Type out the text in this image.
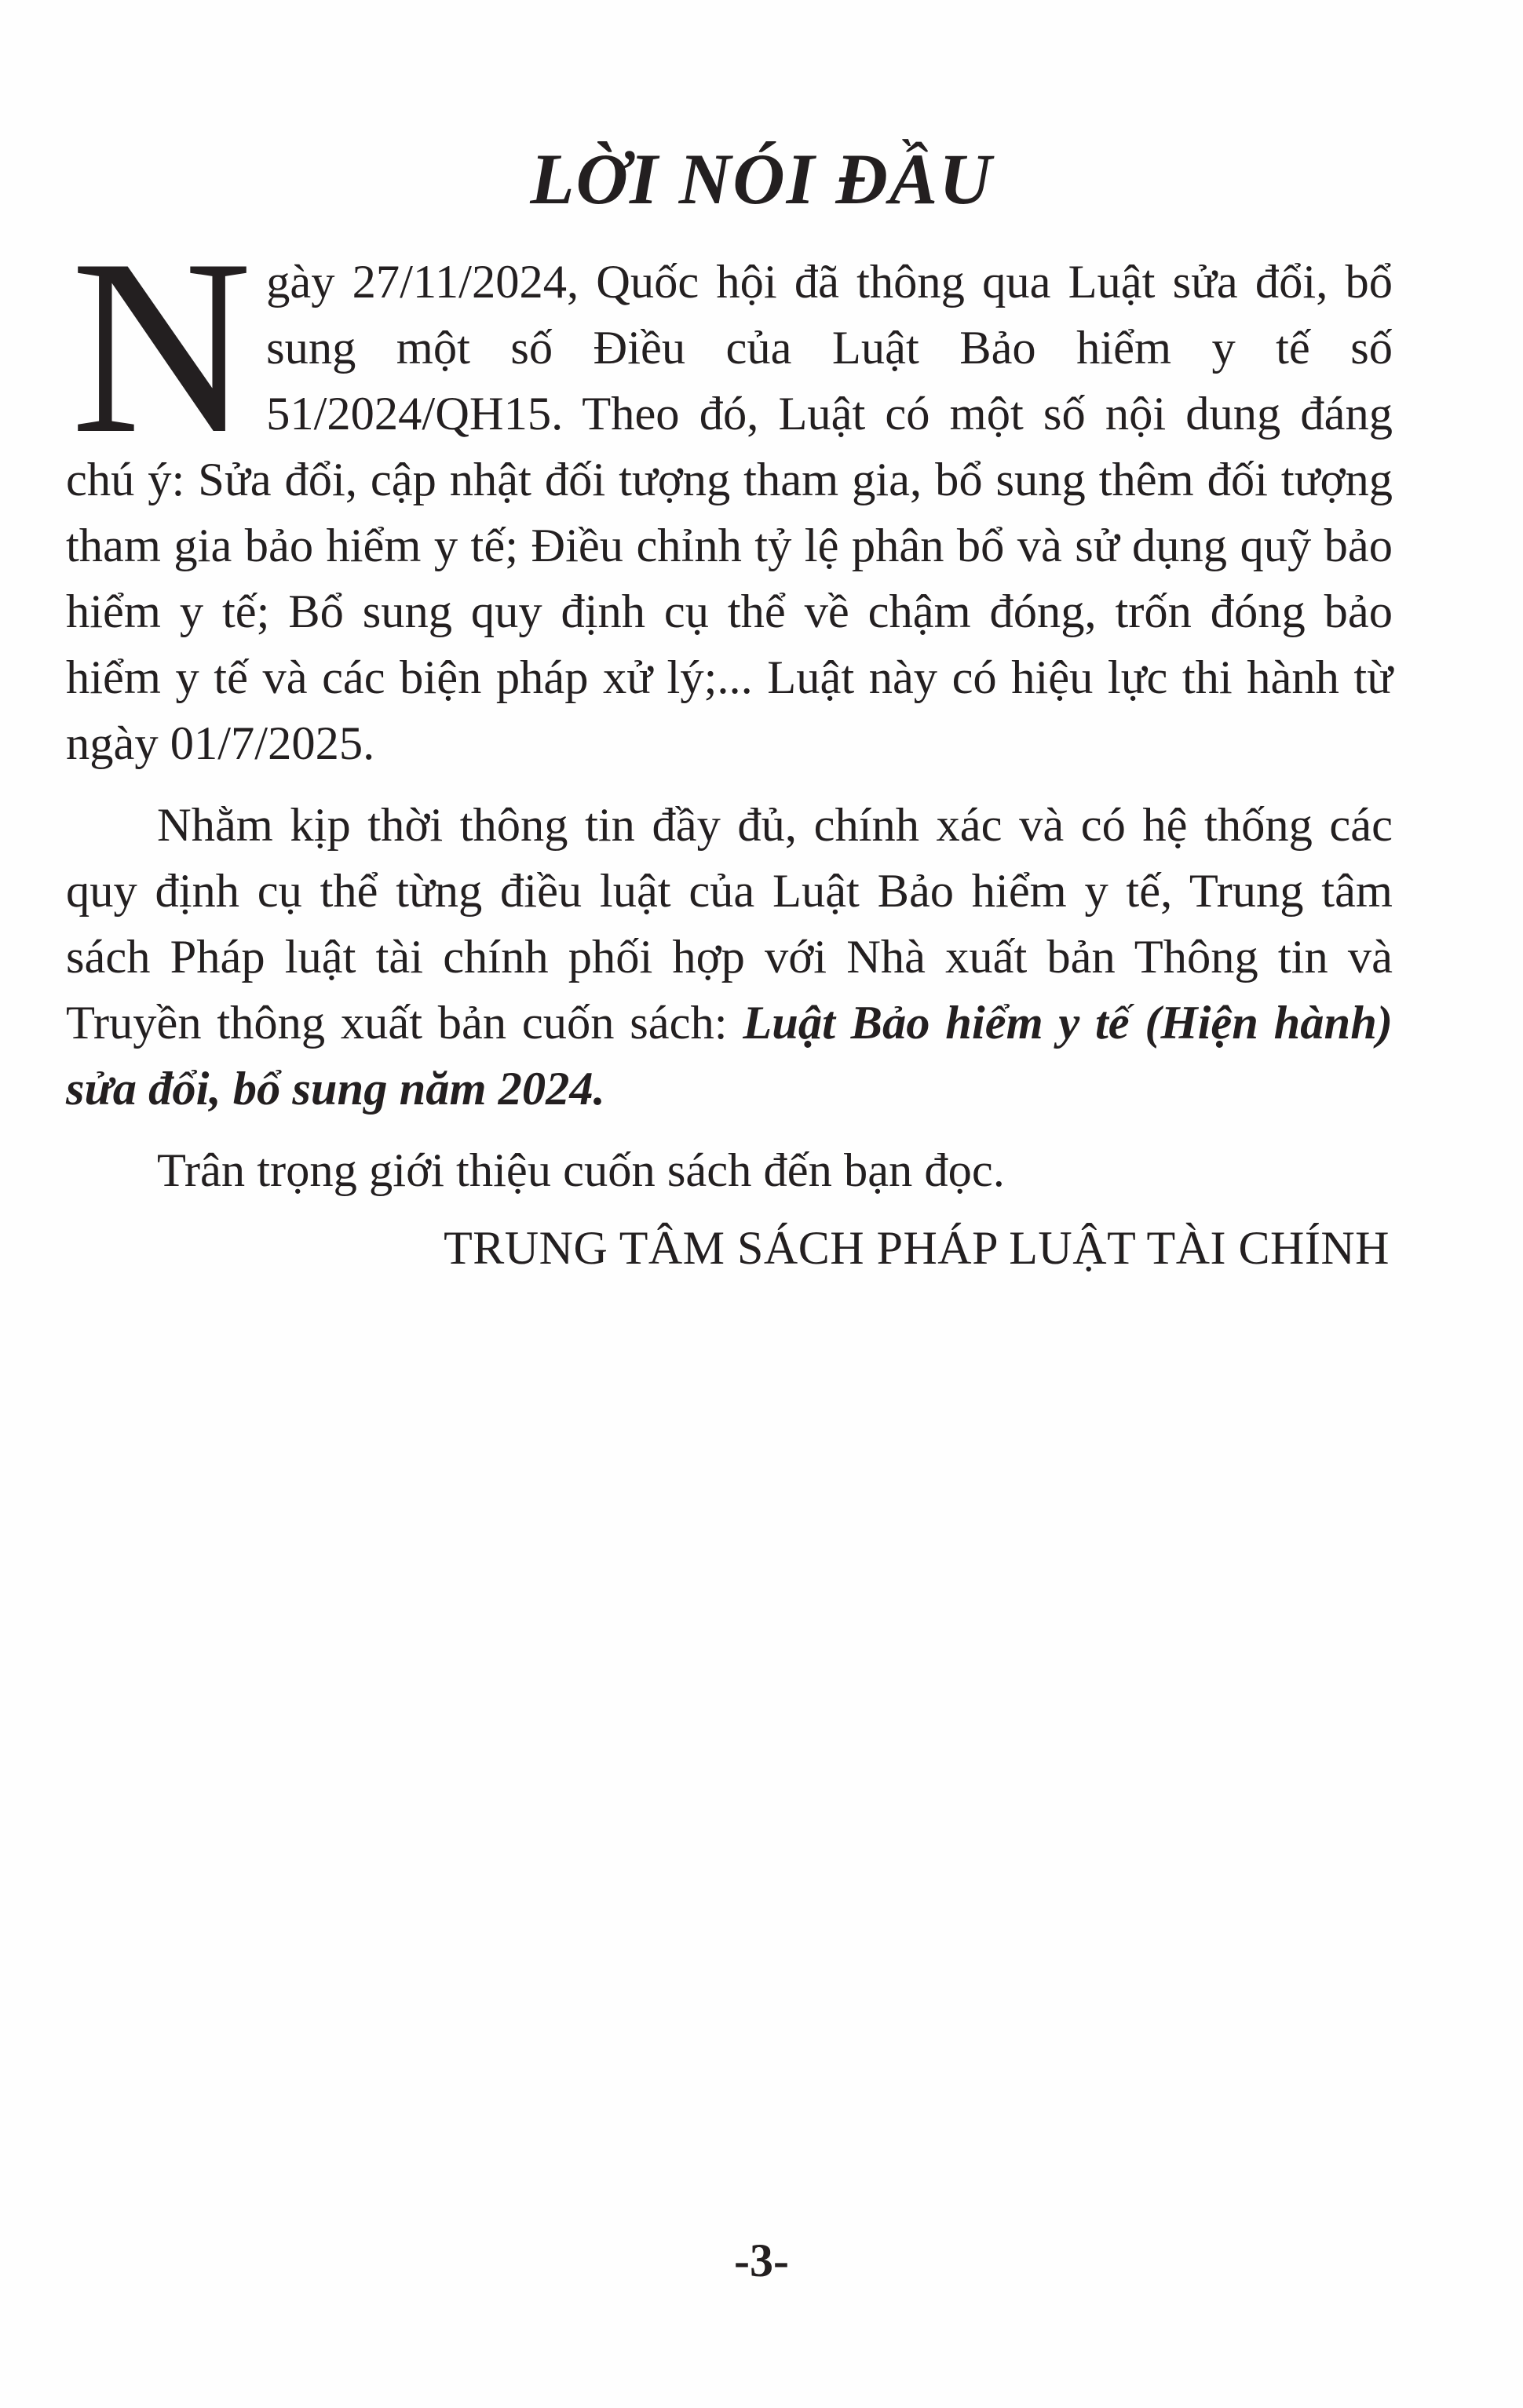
LỜI NÓI ĐẦU

Ngày 27/11/2024, Quốc hội đã thông qua Luật sửa đổi, bổ sung một số Điều của Luật Bảo hiểm y tế số 51/2024/QH15. Theo đó, Luật có một số nội dung đáng chú ý: Sửa đổi, cập nhật đối tượng tham gia, bổ sung thêm đối tượng tham gia bảo hiểm y tế; Điều chỉnh tỷ lệ phân bổ và sử dụng quỹ bảo hiểm y tế; Bổ sung quy định cụ thể về chậm đóng, trốn đóng bảo hiểm y tế và các biện pháp xử lý;... Luật này có hiệu lực thi hành từ ngày 01/7/2025.

Nhằm kịp thời thông tin đầy đủ, chính xác và có hệ thống các quy định cụ thể từng điều luật của Luật Bảo hiểm y tế, Trung tâm sách Pháp luật tài chính phối hợp với Nhà xuất bản Thông tin và Truyền thông xuất bản cuốn sách: Luật Bảo hiểm y tế (Hiện hành) sửa đổi, bổ sung năm 2024.

Trân trọng giới thiệu cuốn sách đến bạn đọc.

TRUNG TÂM SÁCH PHÁP LUẬT TÀI CHÍNH

-3-
